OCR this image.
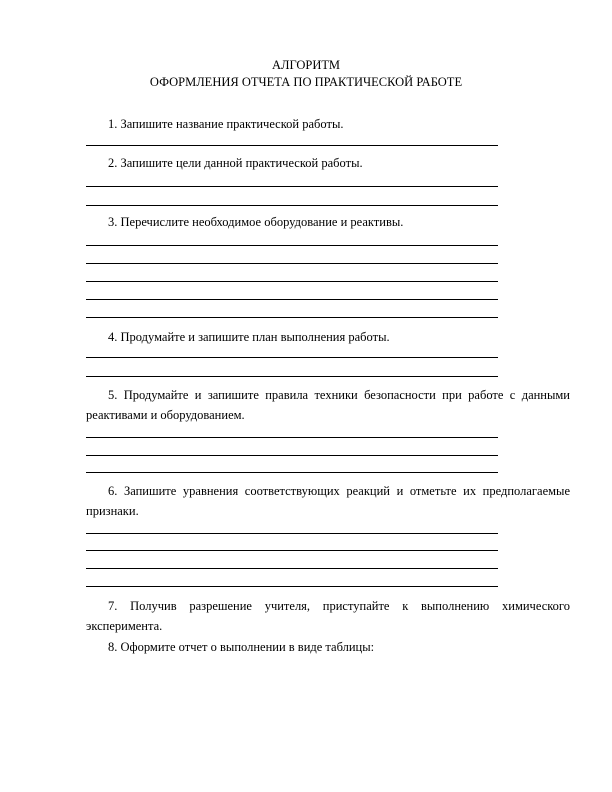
АЛГОРИТМ
ОФОРМЛЕНИЯ ОТЧЕТА ПО ПРАКТИЧЕСКОЙ РАБОТЕ
1. Запишите название практической работы.
2. Запишите цели данной практической работы.
3. Перечислите необходимое оборудование и реактивы.
4. Продумайте и запишите план выполнения работы.
5. Продумайте и запишите правила техники безопасности при работе с данными реактивами и оборудованием.
6. Запишите уравнения соответствующих реакций и отметьте их предполагаемые признаки.
7. Получив разрешение учителя, приступайте к выполнению химического эксперимента.
8. Оформите отчет о выполнении в виде таблицы:
